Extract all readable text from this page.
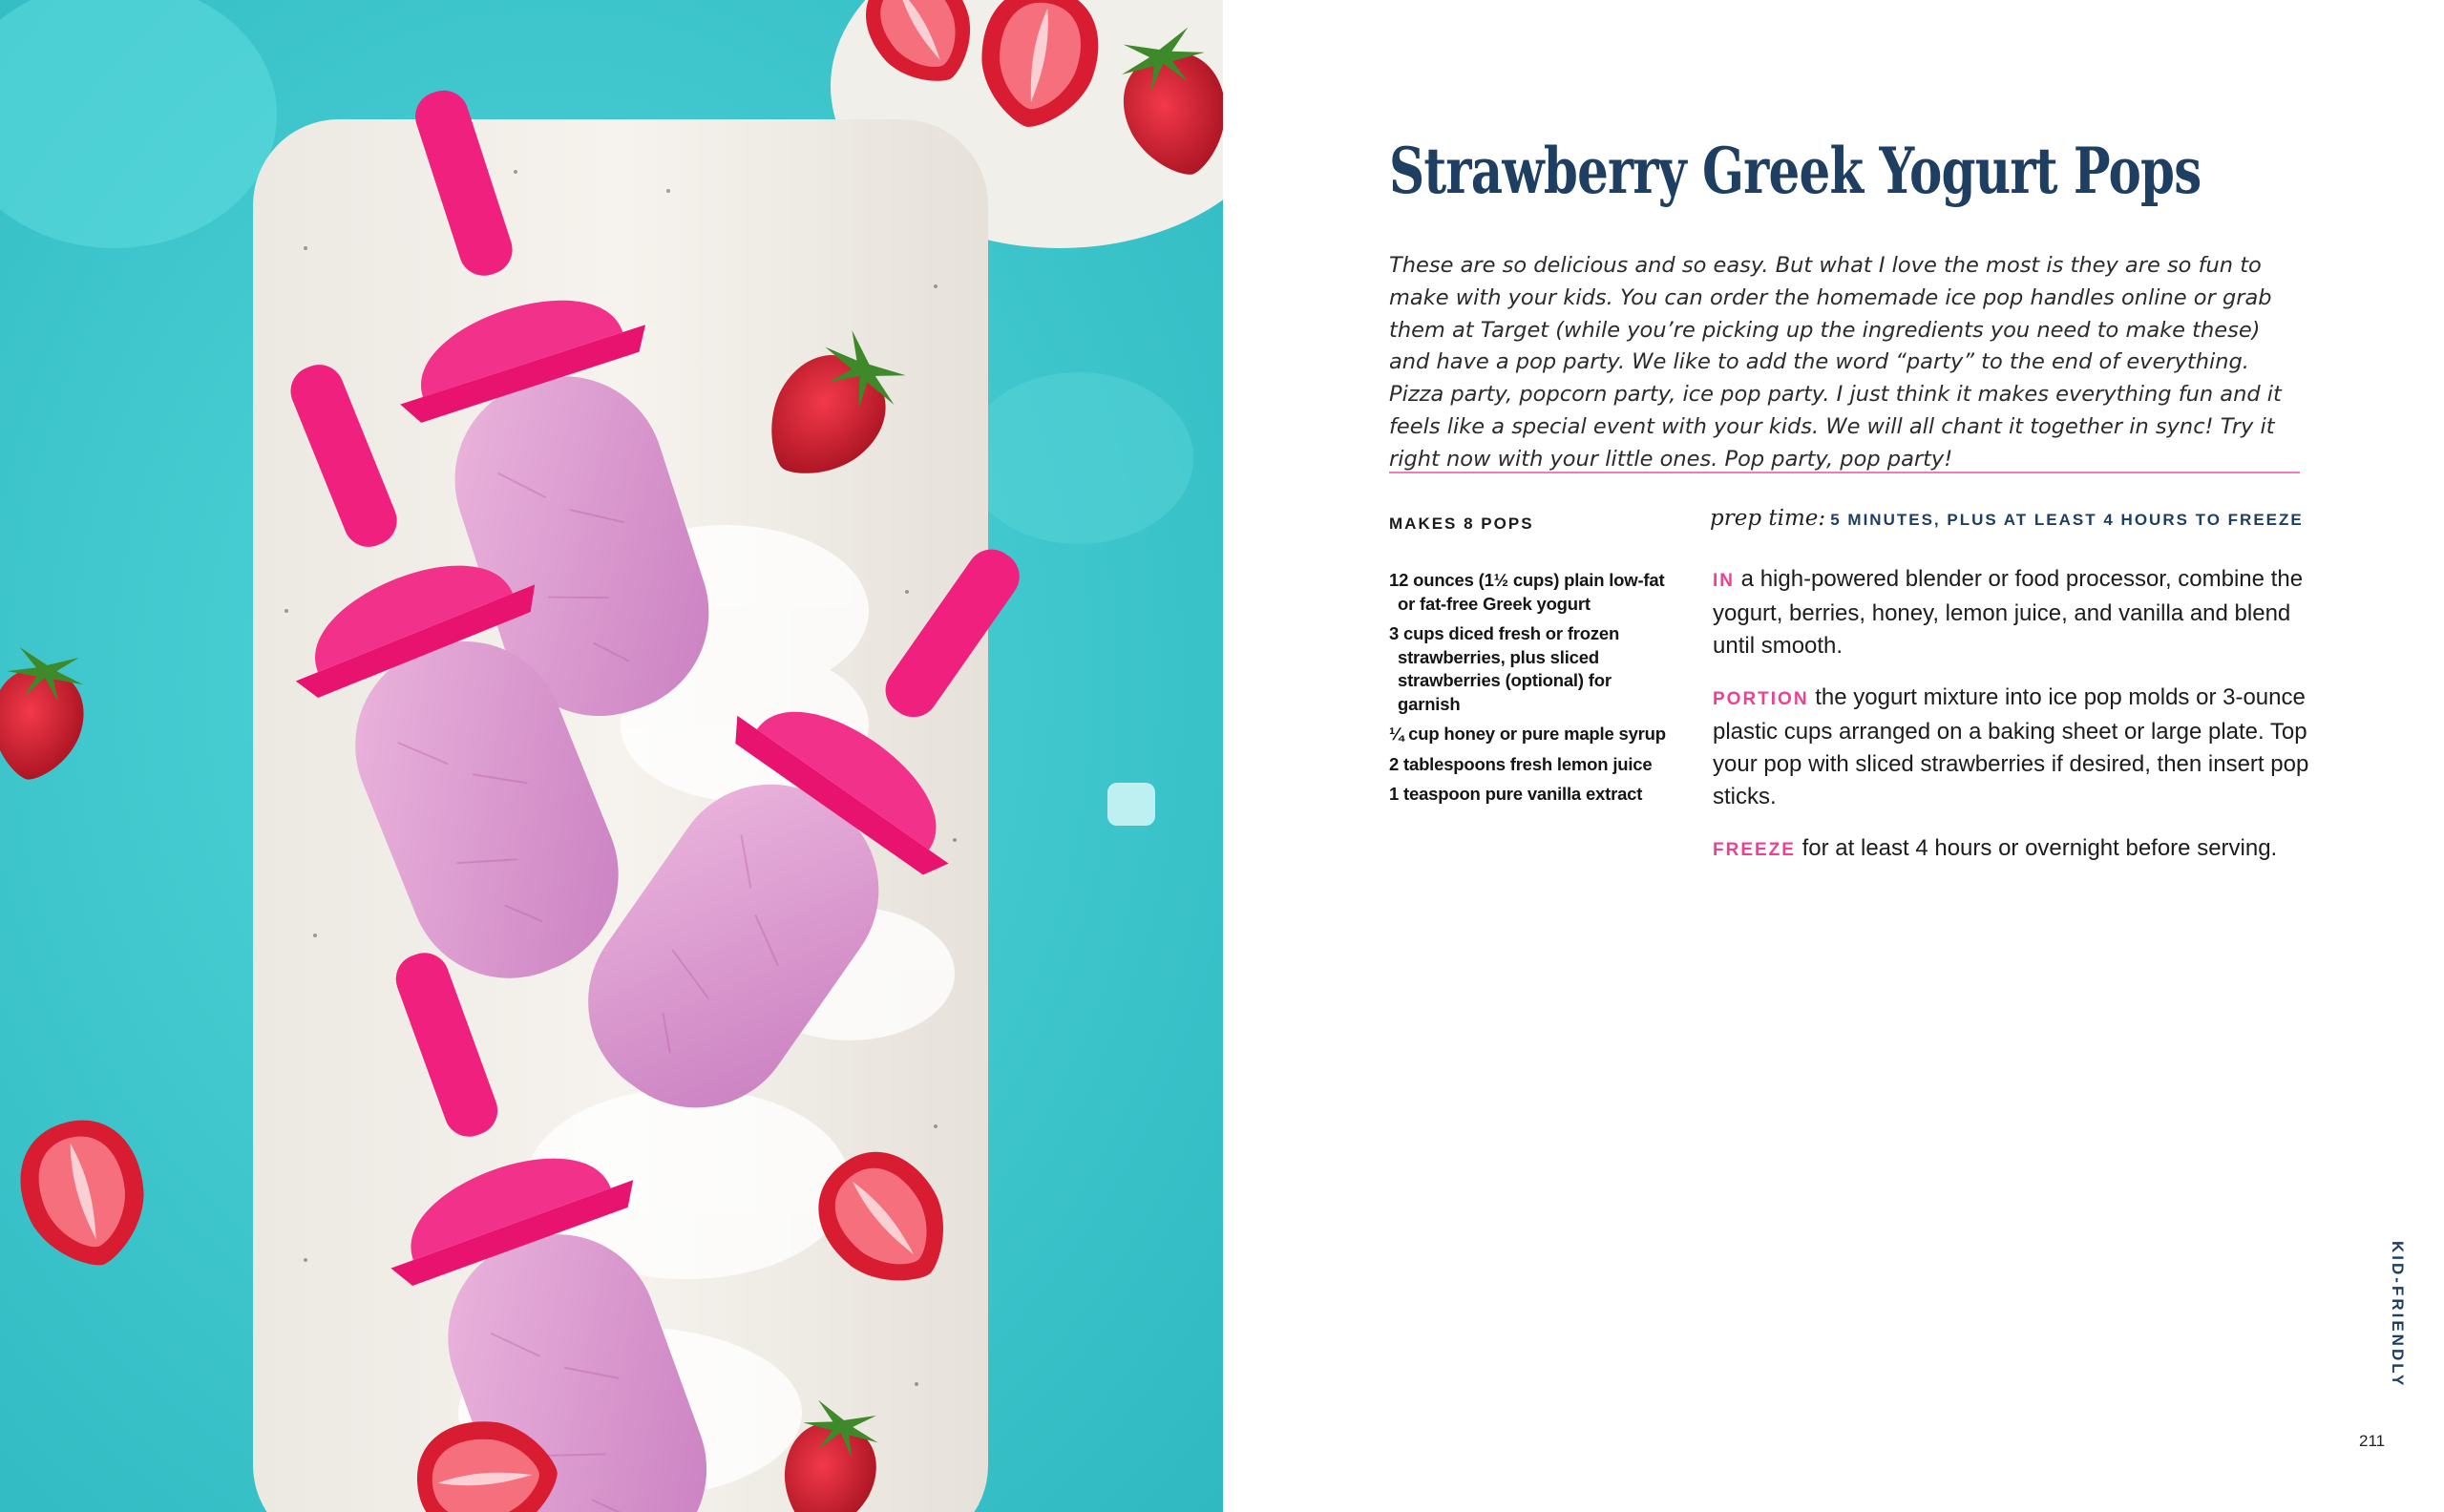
Strawberry Greek Yogurt Pops

These are so delicious and so easy. But what I love the most is they are so fun to make with your kids. You can order the homemade ice pop handles online or grab them at Target (while you’re picking up the ingredients you need to make these) and have a pop party. We like to add the word “party” to the end of everything. Pizza party, popcorn party, ice pop party. I just think it makes everything fun and it feels like a special event with your kids. We will all chant it together in sync! Try it right now with your little ones. Pop party, pop party!

MAKES 8 POPS	prep time: 5 MINUTES, PLUS AT LEAST 4 HOURS TO FREEZE
12 ounces (1½ cups) plain low-fat or fat-free Greek yogurt
3 cups diced fresh or frozen strawberries, plus sliced strawberries (optional) for garnish
¼ cup honey or pure maple syrup
2 tablespoons fresh lemon juice
1 teaspoon pure vanilla extract

IN a high-powered blender or food processor, combine the yogurt, berries, honey, lemon juice, and vanilla and blend until smooth.

PORTION the yogurt mixture into ice pop molds or 3-ounce plastic cups arranged on a baking sheet or large plate. Top your pop with sliced strawberries if desired, then insert pop sticks.

FREEZE for at least 4 hours or overnight before serving.

KID-FRIENDLY
211
